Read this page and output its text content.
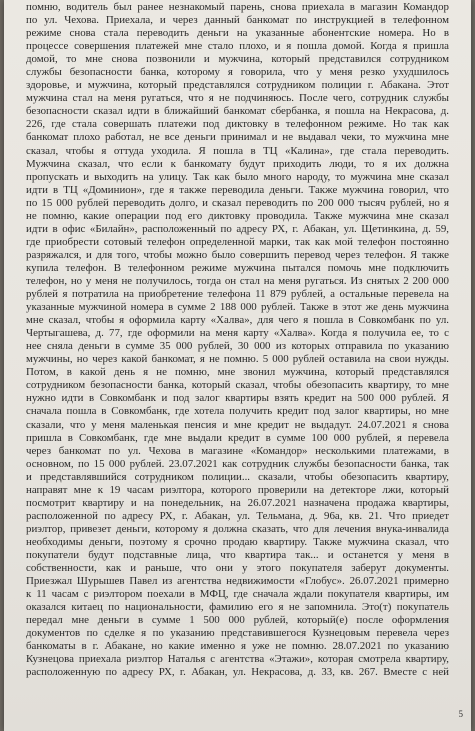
помню, водитель был ранее незнакомый парень, снова приехала в магазин Командор
по ул. Чехова. Приехала, и через данный банкомат по инструкцией в телефонном
режиме снова стала переводить деньги на указанные абонентские номера. Но в
процессе совершения платежей мне стало плохо, и я пошла домой. Когда я пришла
домой, то мне снова позвонили и мужчина, который представился сотрудником
службы безопасности банка, которому я говорила, что у меня резко ухудшилось
здоровье, и мужчина, который представлялся сотрудником полиции г. Абакана. Этот
мужчина стал на меня ругаться, что я не подчиняюсь. После чего, сотрудник службы
безопасности сказал идти в ближайший банкомат сбербанка, я пошла на Некрасова, д.
226, где стала совершать платежи под диктовку в телефонном режиме. Но так как
банкомат плохо работал, не все деньги принимал и не выдавал чеки, то мужчина мне
сказал, чтобы я оттуда уходила. Я пошла в ТЦ «Калина», где стала переводить.
Мужчина сказал, что если к банкомату будут приходить люди, то я их должна
пропускать и выходить на улицу. Так как было много народу, то мужчина мне сказал
идти в ТЦ «Доминион», где я также переводила деньги. Также мужчина говорил, что
по 15 000 рублей переводить долго, и сказал переводить по 200 000 тысяч рублей, но я
не помню, какие операции под его диктовку проводила. Также мужчина мне сказал
идти в офис «Билайн», расположенный по адресу РХ, г. Абакан, ул. Щетинкина, д. 59,
где приобрести сотовый телефон определенной марки, так как мой телефон постоянно
разряжался, и для того, чтобы можно было совершить перевод через телефон. Я также
купила телефон. В телефонном режиме мужчина пытался помочь мне подключить
телефон, но у меня не получилось, тогда он стал на меня ругаться. Из снятых 2 200 000
рублей я потратила на приобретение телефона 11 879 рублей, а остальные перевела на
указанные мужчиной номера в сумме 2 188 000 рублей. Также в этот же день мужчина
мне сказал, чтобы я оформила карту «Халва», для чего я пошла в Совкомбанк по ул.
Чертыгашева, д. 77, где оформили на меня карту «Халва». Когда я получила ее, то с
нее сняла деньги в сумме 35 000 рублей, 30 000 из которых отправила по указанию
мужчины, но через какой банкомат, я не помню. 5 000 рублей оставила на свои нужды.
Потом, в какой день я не помню, мне звонил мужчина, который представлялся
сотрудником безопасности банка, который сказал, чтобы обезопасить квартиру, то мне
нужно идти в Совкомбанк и под залог квартиры взять кредит на 500 000 рублей. Я
сначала пошла в Совкомбанк, где хотела получить кредит под залог квартиры, но мне
сказали, что у меня маленькая пенсия и мне кредит не выдадут. 24.07.2021 я снова
пришла в Совкомбанк, где мне выдали кредит в сумме 100 000 рублей, я перевела
через банкомат по ул. Чехова в магазине «Командор» несколькими платежами, в
основном, по 15 000 рублей. 23.07.2021 как сотрудник службы безопасности банка, так
и представлявшийся сотрудником полиции... сказали, чтобы обезопасить квартиру,
направят мне к 19 часам риэлтора, которого проверили на детекторе лжи, который
посмотрит квартиру и на понедельник, на 26.07.2021 назначена продажа квартиры,
расположенной по адресу РХ, г. Абакан, ул. Тельмана, д. 96а, кв. 21. Что приедет
риэлтор, привезет деньги, которому я должна сказать, что для лечения внука-инвалида
необходимы деньги, поэтому я срочно продаю квартиру. Также мужчина сказал, что
покупатели будут подставные лица, что квартира так... и останется у меня в
собственности, как и раньше, что они у этого покупателя заберут документы.
Приезжал Шурышев Павел из агентства недвижимости «Глобус». 26.07.2021 примерно
к 11 часам с риэлтором поехали в МФЦ, где сначала ждали покупателя квартиры, им
оказался китаец по национальности, фамилию его я не запомнила. Это(т) покупатель
передал мне деньги в сумме 1 500 000 рублей, который(е) после оформления
документов по сделке я по указанию представившегося Кузнецовым перевела через
банкоматы в г. Абакане, но какие именно я уже не помню. 28.07.2021 по указанию
Кузнецова приехала риэлтор Наталья с агентства «Этажи», которая смотрела квартиру,
расположенную по адресу РХ, г. Абакан, ул. Некрасова, д. 33, кв. 267. Вместе с ней
5
